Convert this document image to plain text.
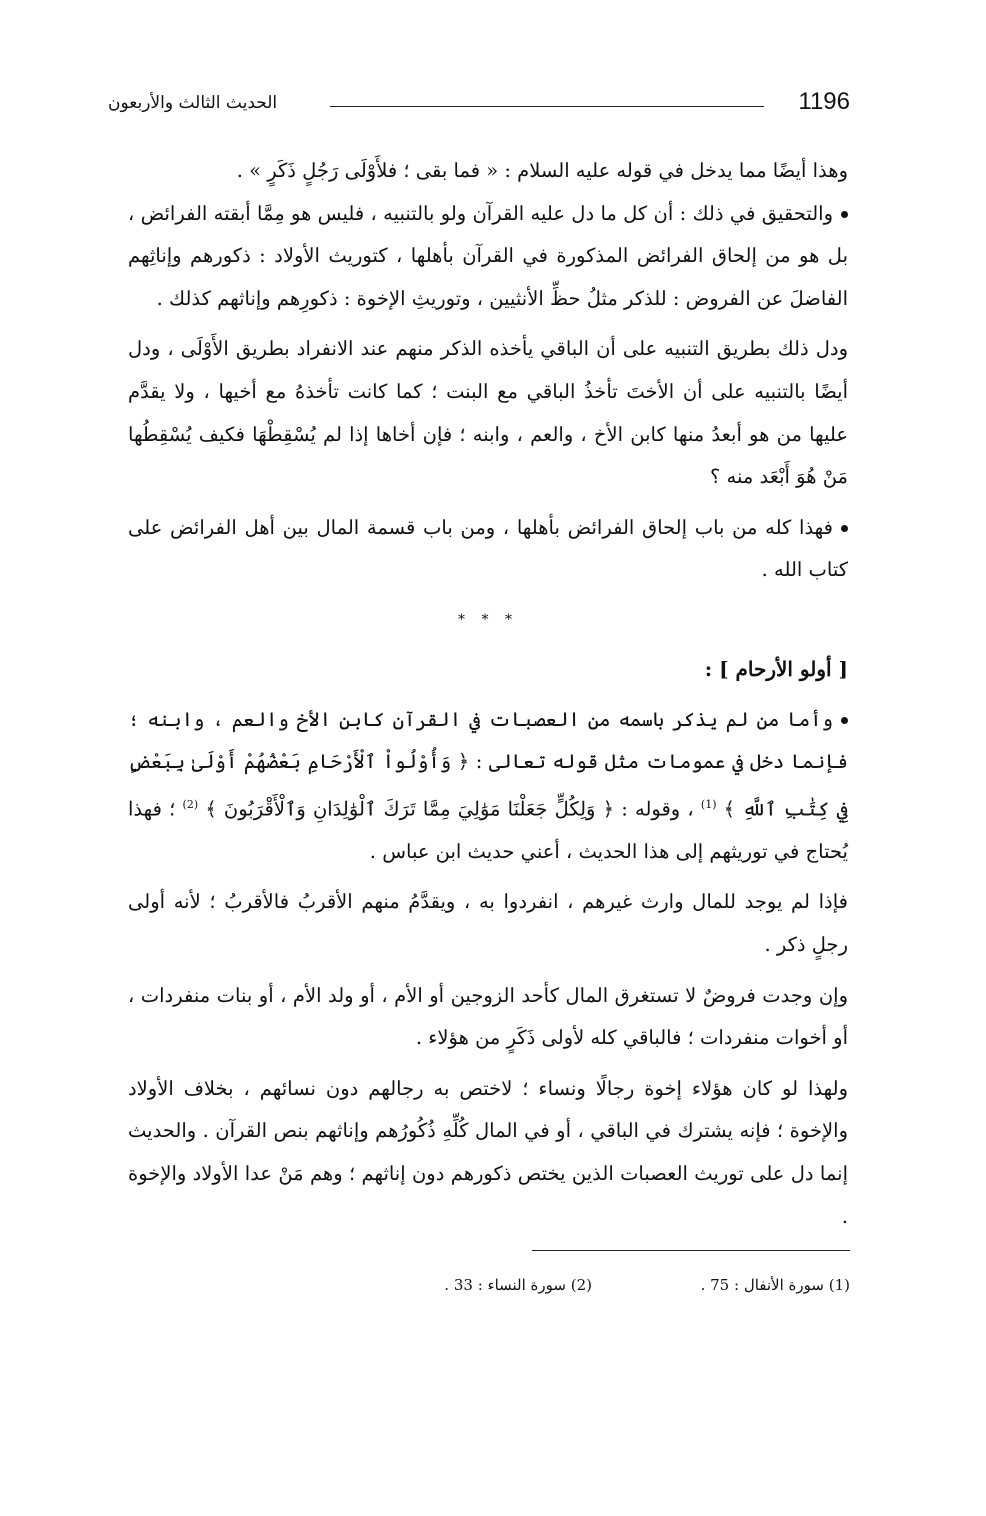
1196
الحديث الثالث والأربعون

وهذا أيضًا مما يدخل في قوله عليه السلام : « فما بقى ؛ فلأَوْلَى رَجُلٍ ذَكَرٍ » .

والتحقيق في ذلك : أن كل ما دل عليه القرآن ولو بالتنبيه ، فليس هو مِمَّا أبقته الفرائض ، بل هو من إلحاق الفرائض المذكورة في القرآن بأهلها ، كتوريث الأولاد : ذكورهم وإناثِهم الفاضلَ عن الفروض : للذكر مثلُ حظِّ الأنثيين ، وتوريثِ الإخوة : ذكورِهم وإناثهم كذلك .

ودل ذلك بطريق التنبيه على أن الباقي يأخذه الذكر منهم عند الانفراد بطريق الأَوْلَى ، ودل أيضًا بالتنبيه على أن الأختَ تأخذُ الباقي مع البنت ؛ كما كانت تأخذهُ مع أخيها ، ولا يقدَّم عليها من هو أبعدُ منها كابن الأخ ، والعم ، وابنه ؛ فإن أخاها إذا لم يُسْقِطْهَا فكيف يُسْقِطُها مَنْ هُوَ أَبْعَد منه ؟

فهذا كله من باب إلحاق الفرائض بأهلها ، ومن باب قسمة المال بين أهل الفرائض على كتاب الله .

* * *

[ أولو الأرحام ] :

وأما من لم يذكر باسمه من العصبات في القرآن كابن الأخ والعم ، وابنه ؛ فإنما دخل في عمومات مثل قوله تعالى : ﴿ وَأُوْلُواْ ٱلْأَرْحَامِ بَعْضُهُمْ أَوْلَىٰ بِبَعْضٍ فِي كِتَٰبِ ٱللَّهِ ﴾ $^{(1)}$ ، وقوله : ﴿ وَلِكُلٍّ جَعَلْنَا مَوَٰلِيَ مِمَّا تَرَكَ ٱلْوَٰلِدَانِ وَٱلْأَقْرَبُونَ ﴾ $^{(2)}$ ؛ فهذا يُحتاج في توريثهم إلى هذا الحديث ، أعني حديث ابن عباس .

فإذا لم يوجد للمال وارث غيرهم ، انفردوا به ، ويقدَّمُ منهم الأقربُ فالأقربُ ؛ لأنه أولى رجلٍ ذكر .

وإن وجدت فروضٌ لا تستغرق المال كأحد الزوجين أو الأم ، أو ولد الأم ، أو بنات منفردات ، أو أخوات منفردات ؛ فالباقي كله لأولى ذَكَرٍ من هؤلاء .

ولهذا لو كان هؤلاء إخوة رجالًا ونساء ؛ لاختص به رجالهم دون نسائهم ، بخلاف الأولاد والإخوة ؛ فإنه يشترك في الباقي ، أو في المال كُلِّهِ ذُكُورُهم وإناثهم بنص القرآن . والحديث إنما دل على توريث العصبات الذين يختص ذكورهم دون إناثهم ؛ وهم مَنْ عدا الأولاد والإخوة .

(1) سورة الأنفال : 75 .
(2) سورة النساء : 33 .
